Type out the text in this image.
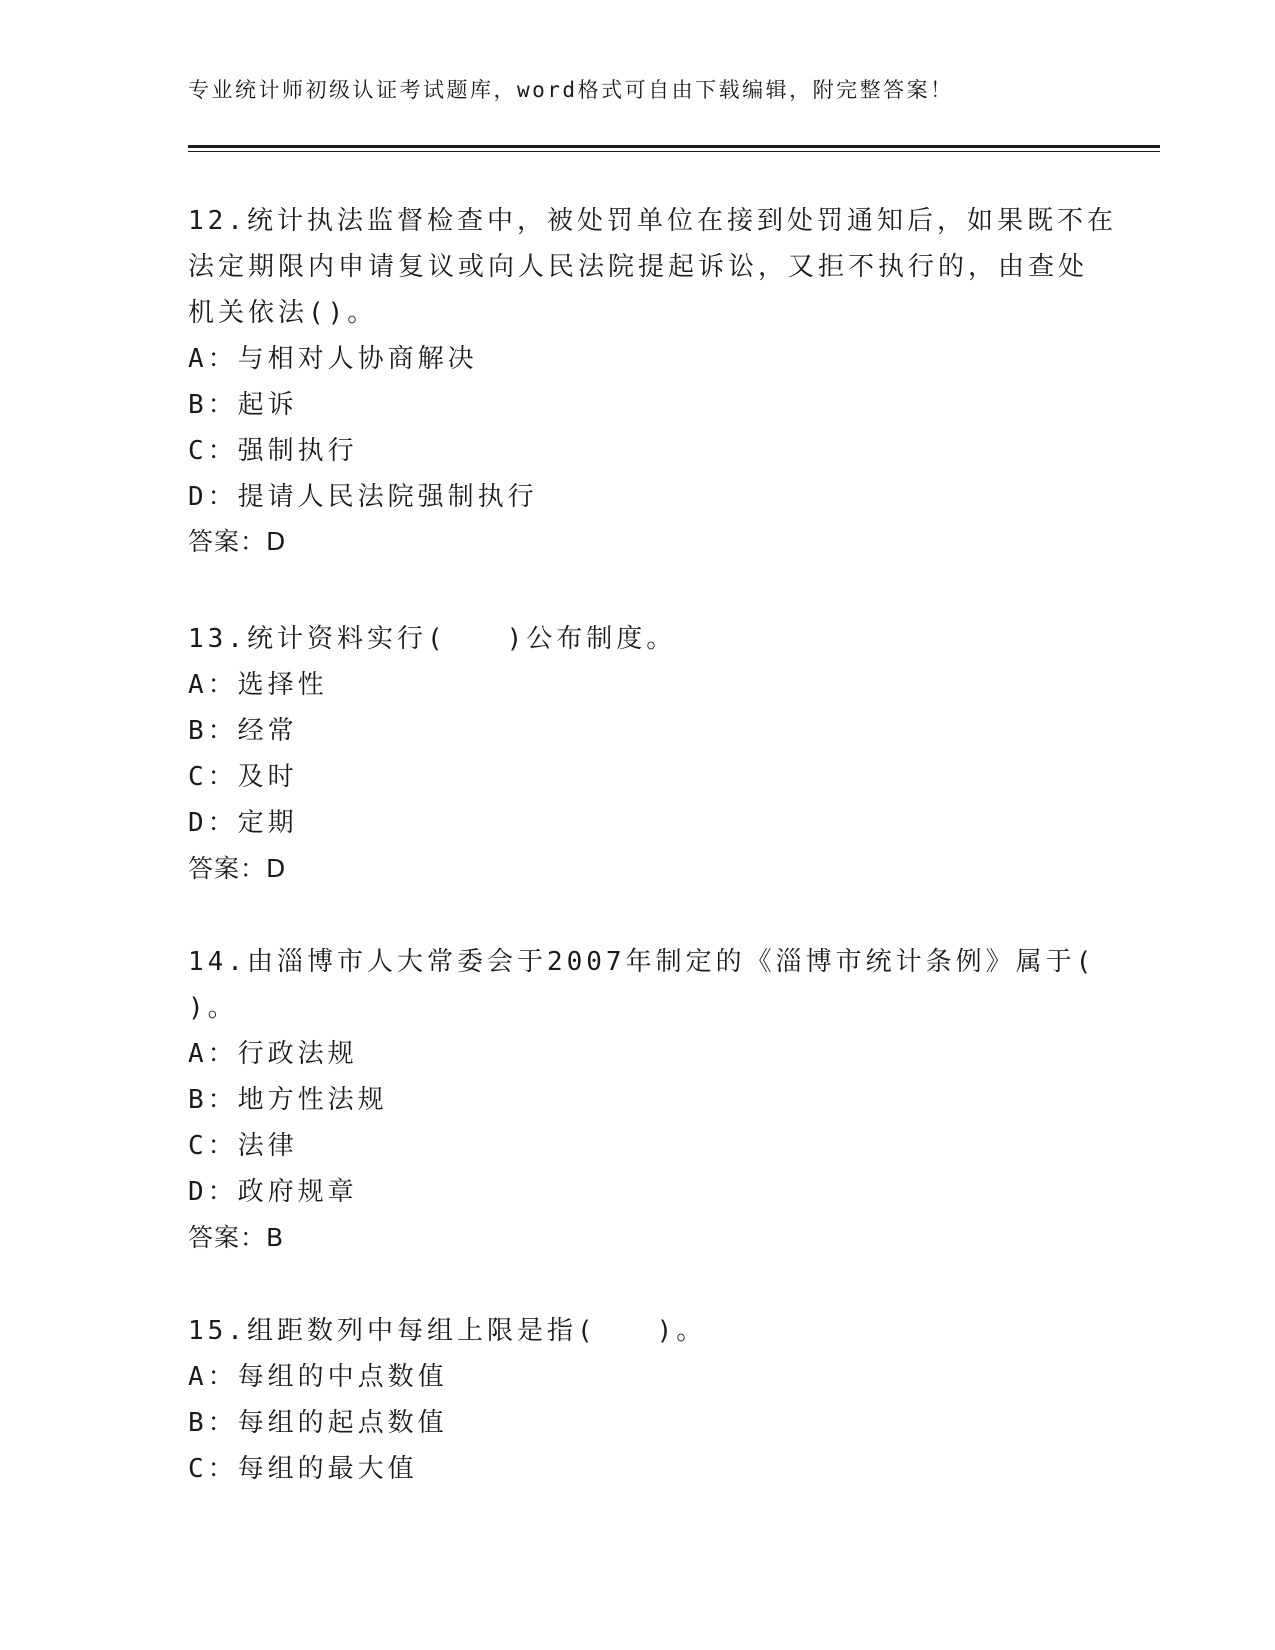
专业统计师初级认证考试题库，word格式可自由下载编辑，附完整答案！
12.统计执法监督检查中，被处罚单位在接到处罚通知后，如果既不在
法定期限内申请复议或向人民法院提起诉讼，又拒不执行的，由查处
机关依法()。
A：与相对人协商解决
B：起诉
C：强制执行
D：提请人民法院强制执行
答案：D
13.统计资料实行(　　)公布制度。
A：选择性
B：经常
C：及时
D：定期
答案：D
14.由淄博市人大常委会于2007年制定的《淄博市统计条例》属于(
)。
A：行政法规
B：地方性法规
C：法律
D：政府规章
答案：B
15.组距数列中每组上限是指(　　)。
A：每组的中点数值
B：每组的起点数值
C：每组的最大值
